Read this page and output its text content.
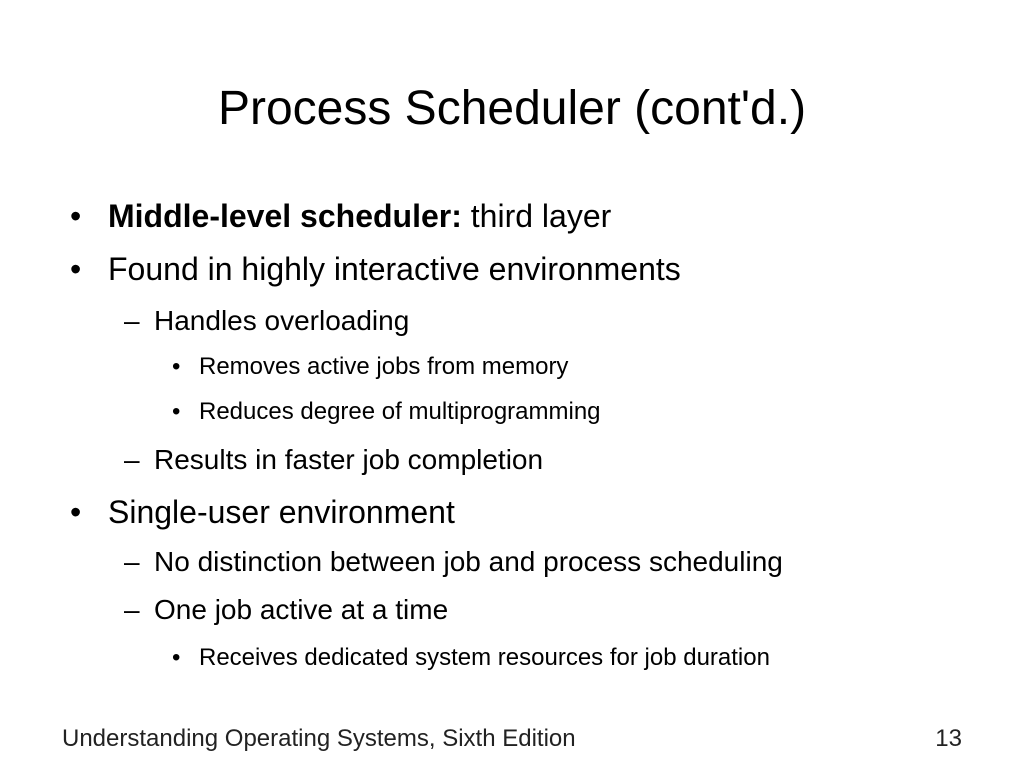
Process Scheduler (cont'd.)
• Middle-level scheduler: third layer
• Found in highly interactive environments
– Handles overloading
• Removes active jobs from memory
• Reduces degree of multiprogramming
– Results in faster job completion
• Single-user environment
– No distinction between job and process scheduling
– One job active at a time
• Receives dedicated system resources for job duration
Understanding Operating Systems, Sixth Edition	13
